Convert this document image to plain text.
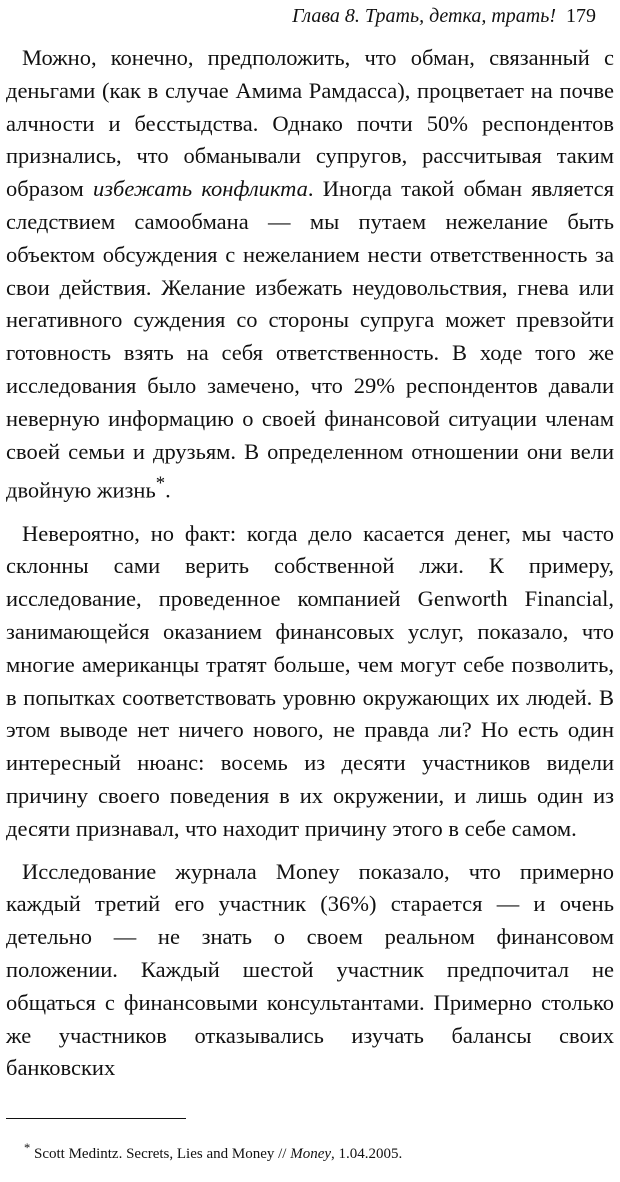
Глава 8. Трать, детка, трать! 179

Можно, конечно, предположить, что обман, связанный с деньгами (как в случае Амима Рамдасса), процветает на почве алчности и бесстыдства. Однако почти 50% респондентов признались, что обманывали супругов, рассчитывая таким образом избежать конфликта. Иногда такой обман является следствием самообмана — мы путаем нежелание быть объектом обсуждения с нежеланием нести ответственность за свои действия. Желание избежать неудовольствия, гнева или негативного суждения со стороны супруга может превзойти готовность взять на себя ответственность. В ходе того же исследования было замечено, что 29% респондентов давали неверную информацию о своей финансовой ситуации членам своей семьи и друзьям. В определенном отношении они вели двойную жизнь*.

Невероятно, но факт: когда дело касается денег, мы часто склонны сами верить собственной лжи. К примеру, исследование, проведенное компанией Genworth Financial, занимающейся оказанием финансовых услуг, показало, что многие американцы тратят больше, чем могут себе позволить, в попытках соответствовать уровню окружающих их людей. В этом выводе нет ничего нового, не правда ли? Но есть один интересный нюанс: восемь из десяти участников видели причину своего поведения в их окружении, и лишь один из десяти признавал, что находит причину этого в себе самом.

Исследование журнала Money показало, что примерно каждый третий его участник (36%) старается — и очень детельно — не знать о своем реальном финансовом положении. Каждый шестой участник предпочитал не общаться с финансовыми консультантами. Примерно столько же участников отказывались изучать балансы своих банковских

* Scott Medintz. Secrets, Lies and Money // Money, 1.04.2005.
